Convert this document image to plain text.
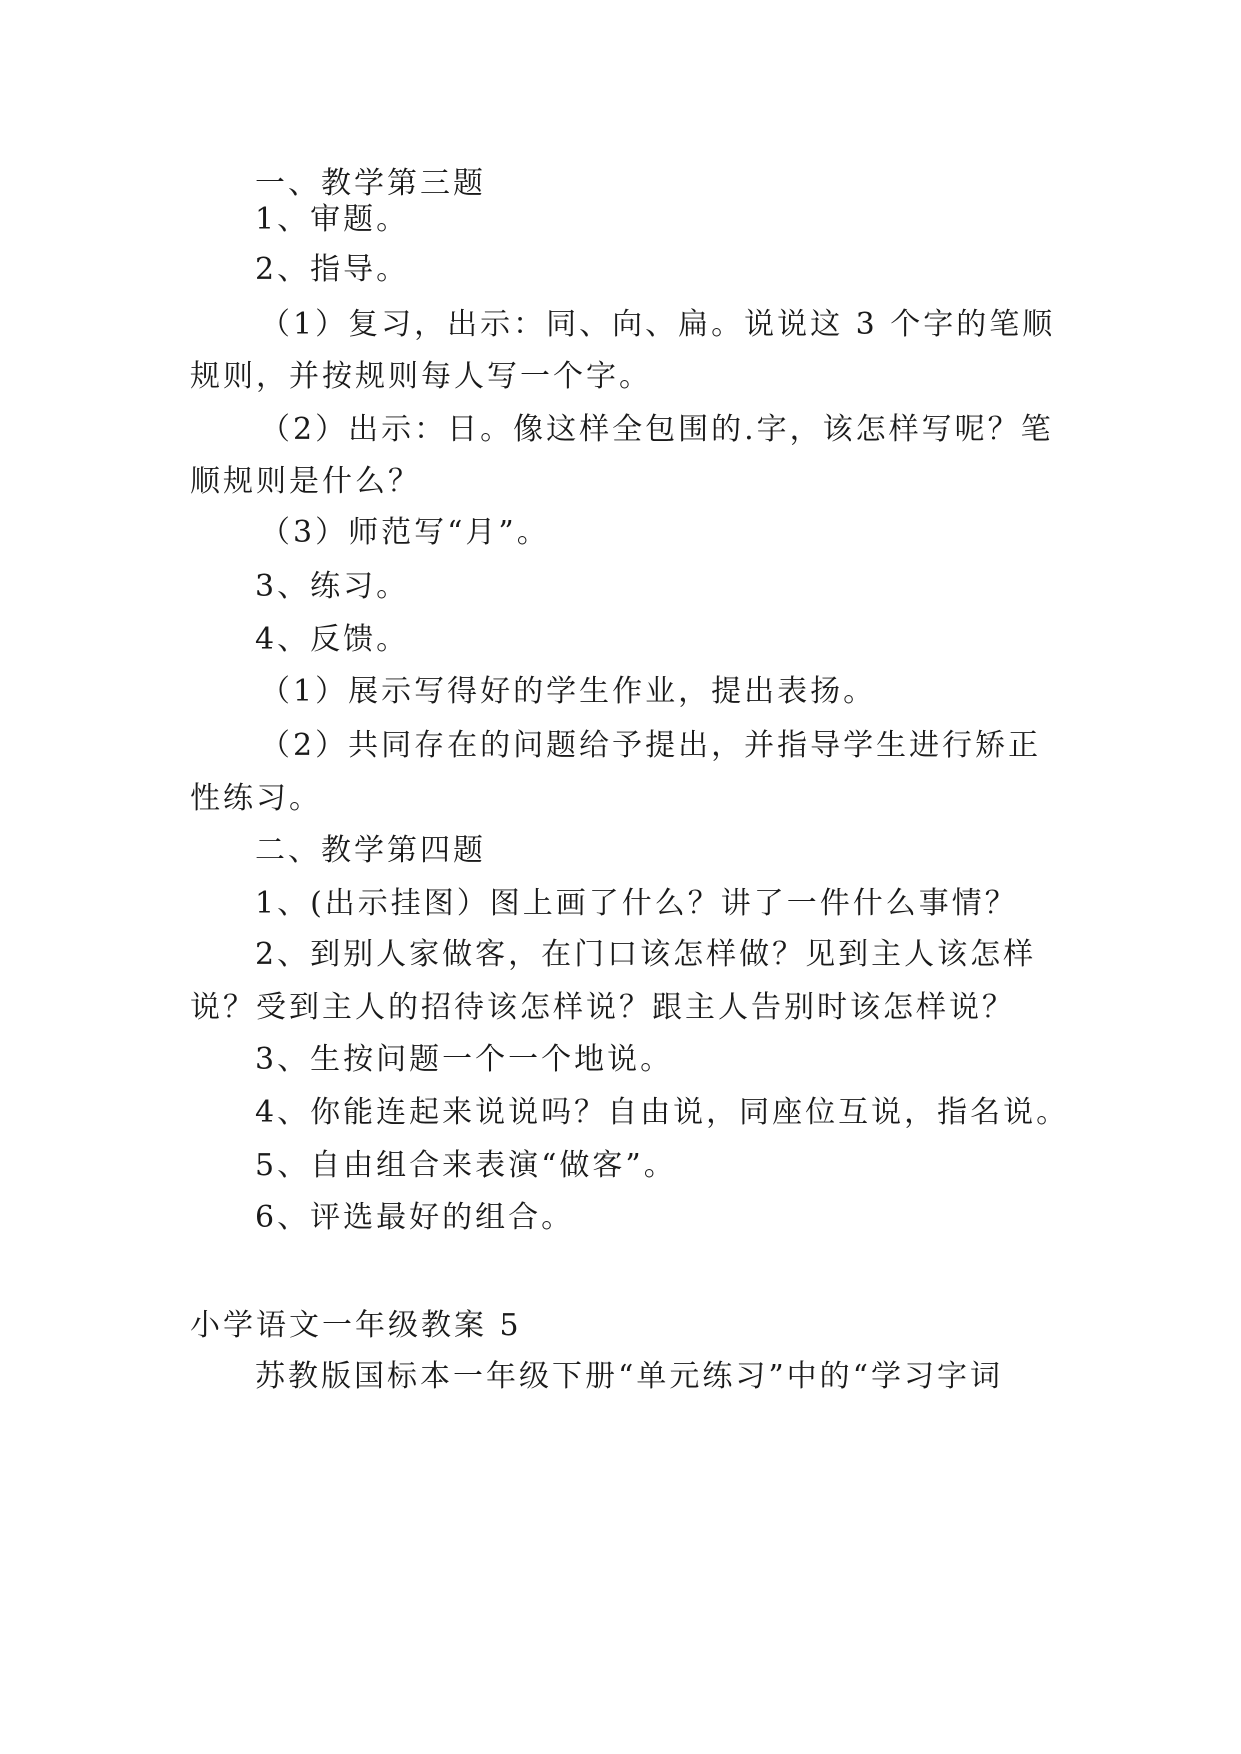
一、教学第三题

1、审题。

2、指导。

（1）复习，出示：同、向、扁。说说这 3 个字的笔顺

规则，并按规则每人写一个字。

（2）出示：日。像这样全包围的.字，该怎样写呢？笔

顺规则是什么？

（3）师范写“月”。

3、练习。

4、反馈。

（1）展示写得好的学生作业，提出表扬。

（2）共同存在的问题给予提出，并指导学生进行矫正

性练习。

二、教学第四题

1、(出示挂图）图上画了什么？讲了一件什么事情？

2、到别人家做客，在门口该怎样做？见到主人该怎样

说？受到主人的招待该怎样说？跟主人告别时该怎样说？

3、生按问题一个一个地说。

4、你能连起来说说吗？自由说，同座位互说，指名说。

5、自由组合来表演“做客”。

6、评选最好的组合。

小学语文一年级教案 5

苏教版国标本一年级下册“单元练习”中的“学习字词
